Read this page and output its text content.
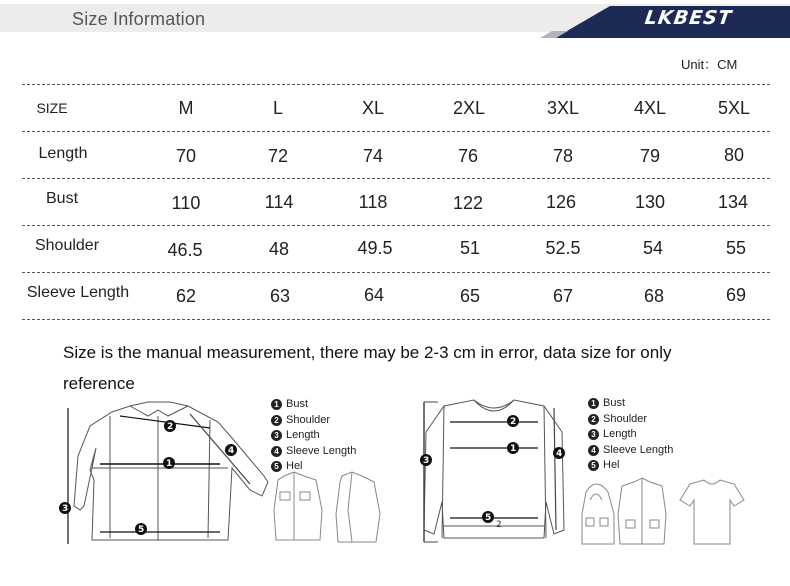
Size Information	LKBEST
Unit：CM
SIZE	M	L	XL	2XL	3XL	4XL	5XL
Length	70	72	74	76	78	79	80
Bust	110	114	118	122	126	130	134
Shoulder	46.5	48	49.5	51	52.5	54	55
Sleeve Length	62	63	64	65	67	68	69
Size is the manual measurement, there may be 2-3 cm in error, data size for only reference
1
2
3
4
5
1 Bust
2 Shoulder
3 Length
4 Sleeve Length
5 Hel
1
2
3
4
5
2
1 Bust
2 Shoulder
3 Length
4 Sleeve Length
5 Hel
